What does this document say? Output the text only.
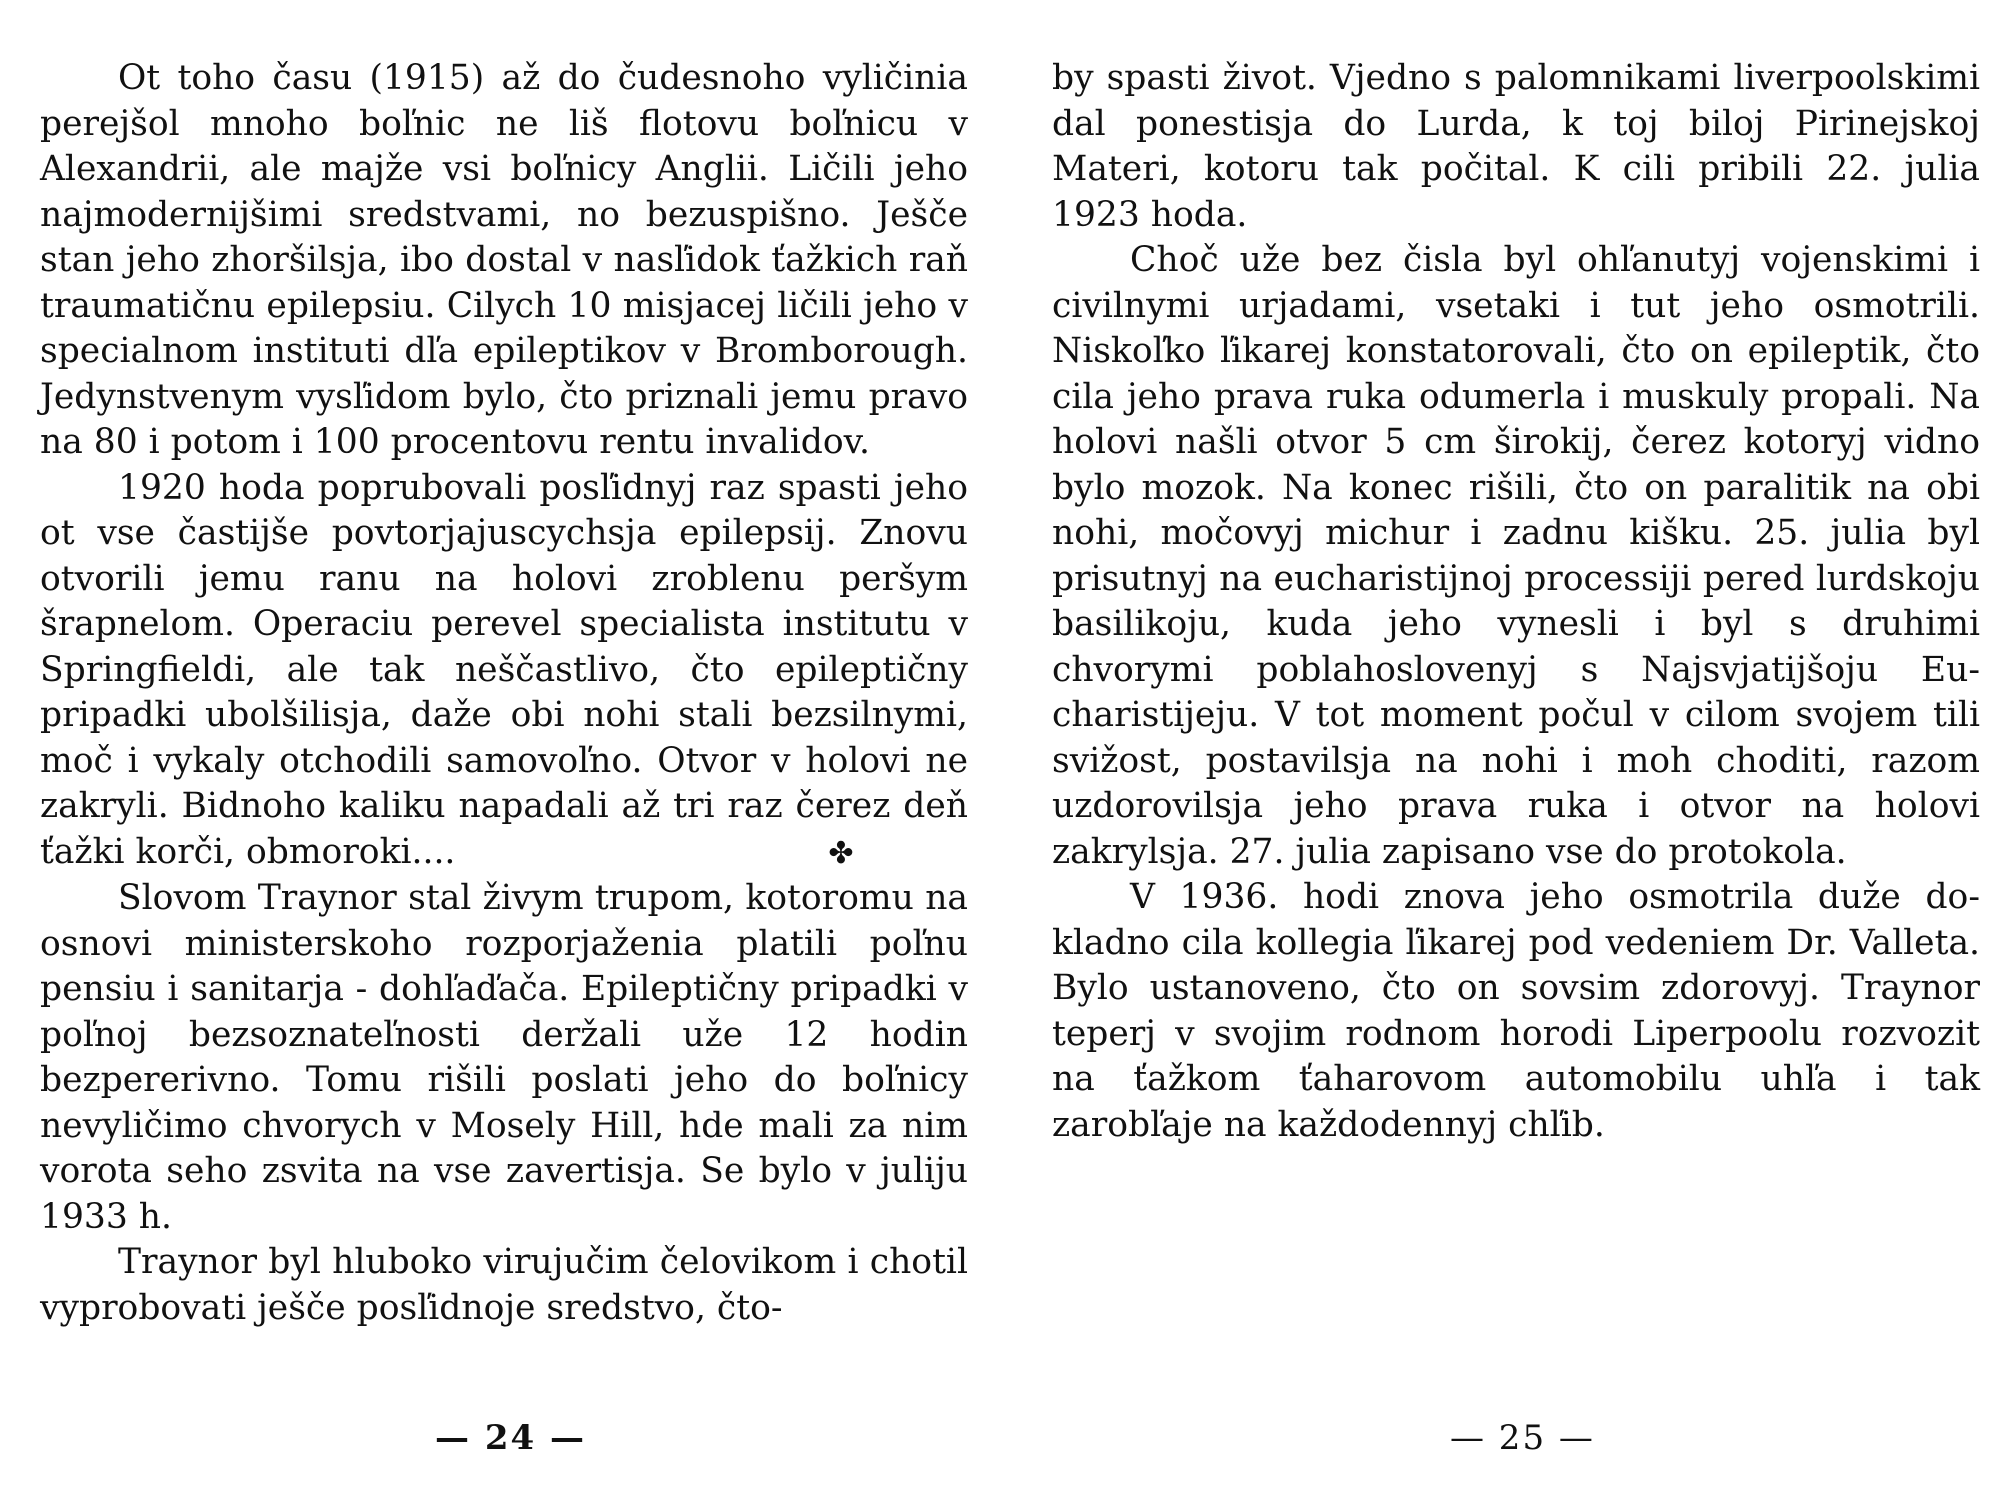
Ot toho času (1915) až do čudesnoho vyličinia perejšol mnoho boľnic ne liš flotovu boľnicu v Alexandrii, ale majže vsi boľnicy Anglii. Ličili jeho najmodernijšimi sredstvami, no bezuspišno. Ješče stan jeho zhoršilsja, ibo dostal v nasľidok ťažkich raň traumatičnu epilepsiu. Cilych 10 misjacej ličili jeho v specialnom instituti dľa epileptikov v Bromborough. Jedynstvenym vysľidom bylo, čto priznali jemu pravo na 80 i potom i 100 procentovu rentu invalidov.

1920 hoda poprubovali posľidnyj raz spasti jeho ot vse častijše povtorjajuscychsja epilepsij. Znovu otvorili jemu ranu na holovi zroblenu peršym šrapnelom. Operaciu perevel specialista institutu v Springfieldi, ale tak neščastlivo, čto epileptičny pripadki ubolšilisja, daže obi nohi stali bezsilnymi, moč i vykaly otchodili samovoľno. Otvor v holovi ne zakryli. Bidnoho kaliku napadali až tri raz čerez deň ťažki korči, obmoroki....	✤

Slovom Traynor stal živym trupom, kotoromu na osnovi ministerskoho rozporjaženia platili poľnu pensiu i sanitarja - dohľaďača. Epileptičny pripadki v poľnoj bezsoznateľnosti deržali uže 12 hodin bezpererivno. Tomu rišili poslati jeho do boľnicy nevyličimo chvorych v Mosely Hill, hde mali za nim vorota seho zsvita na vse zavertisja. Se bylo v juliju 1933 h.

Traynor byl hluboko virujučim čelovikom i chotil vyprobovati ješče posľidnoje sredstvo, čto-

— 24 —

by spasti život. Vjedno s palomnikami liverpoolskimi dal ponestisja do Lurda, k toj biloj Pirinejskoj Materi, kotoru tak počital. K cili pribili 22. julia 1923 hoda.

Choč uže bez čisla byl ohľanutyj vojenskimi i civilnymi urjadami, vsetaki i tut jeho osmotrili. Niskoľko ľikarej konstatorovali, čto on epileptik, čto cila jeho prava ruka odumerla i muskuly propali. Na holovi našli otvor 5 cm širokij, čerez kotoryj vidno bylo mozok. Na konec rišili, čto on paralitik na obi nohi, močovyj michur i zadnu kišku. 25. julia byl prisutnyj na eucharistijnoj processiji pered lurdskoju basilikoju, kuda jeho vynesli i byl s druhimi chvorymi poblahoslovenyj s Najsvjatijšoju Eucharistijeju. V tot moment počul v cilom svojem tili svižost, postavilsja na nohi i moh choditi, razom uzdorovilsja jeho prava ruka i otvor na holovi zakrylsja. 27. julia zapisano vse do protokola.

V 1936. hodi znova jeho osmotrila duže dokladno cila kollegia ľikarej pod vedeniem Dr. Valleta. Bylo ustanoveno, čto on sovsim zdorovyj. Traynor teperj v svojim rodnom horodi Liperpoolu rozvozit na ťažkom ťaharovom automobilu uhľa i tak zarobľaje na každodennyj chľib.

— 25 —
